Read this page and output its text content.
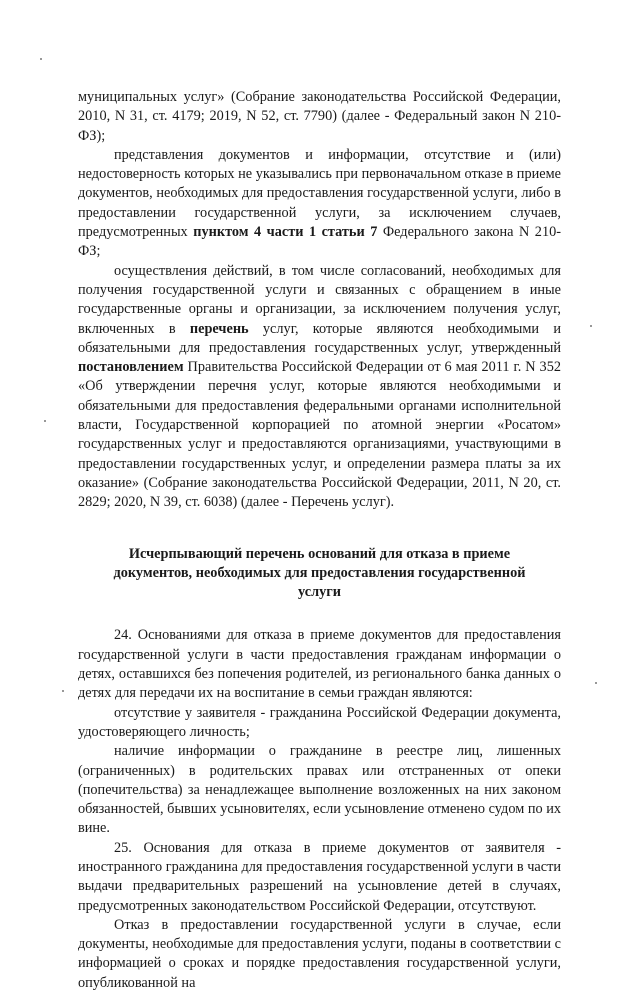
муниципальных услуг» (Собрание законодательства Российской Федерации, 2010, N 31, ст. 4179; 2019, N 52, ст. 7790) (далее - Федеральный закон N 210-ФЗ);

представления документов и информации, отсутствие и (или) недостоверность которых не указывались при первоначальном отказе в приеме документов, необходимых для предоставления государственной услуги, либо в предоставлении государственной услуги, за исключением случаев, предусмотренных пунктом 4 части 1 статьи 7 Федерального закона N 210-ФЗ;

осуществления действий, в том числе согласований, необходимых для получения государственной услуги и связанных с обращением в иные государственные органы и организации, за исключением получения услуг, включенных в перечень услуг, которые являются необходимыми и обязательными для предоставления государственных услуг, утвержденный постановлением Правительства Российской Федерации от 6 мая 2011 г. N 352 «Об утверждении перечня услуг, которые являются необходимыми и обязательными для предоставления федеральными органами исполнительной власти, Государственной корпорацией по атомной энергии «Росатом» государственных услуг и предоставляются организациями, участвующими в предоставлении государственных услуг, и определении размера платы за их оказание» (Собрание законодательства Российской Федерации, 2011, N 20, ст. 2829; 2020, N 39, ст. 6038) (далее - Перечень услуг).

Исчерпывающий перечень оснований для отказа в приеме документов, необходимых для предоставления государственной услуги

24. Основаниями для отказа в приеме документов для предоставления государственной услуги в части предоставления гражданам информации о детях, оставшихся без попечения родителей, из регионального банка данных о детях для передачи их на воспитание в семьи граждан являются:

отсутствие у заявителя - гражданина Российской Федерации документа, удостоверяющего личность;

наличие информации о гражданине в реестре лиц, лишенных (ограниченных) в родительских правах или отстраненных от опеки (попечительства) за ненадлежащее выполнение возложенных на них законом обязанностей, бывших усыновителях, если усыновление отменено судом по их вине.

25. Основания для отказа в приеме документов от заявителя - иностранного гражданина для предоставления государственной услуги в части выдачи предварительных разрешений на усыновление детей в случаях, предусмотренных законодательством Российской Федерации, отсутствуют.

Отказ в предоставлении государственной услуги в случае, если документы, необходимые для предоставления услуги, поданы в соответствии с информацией о сроках и порядке предоставления государственной услуги, опубликованной на
